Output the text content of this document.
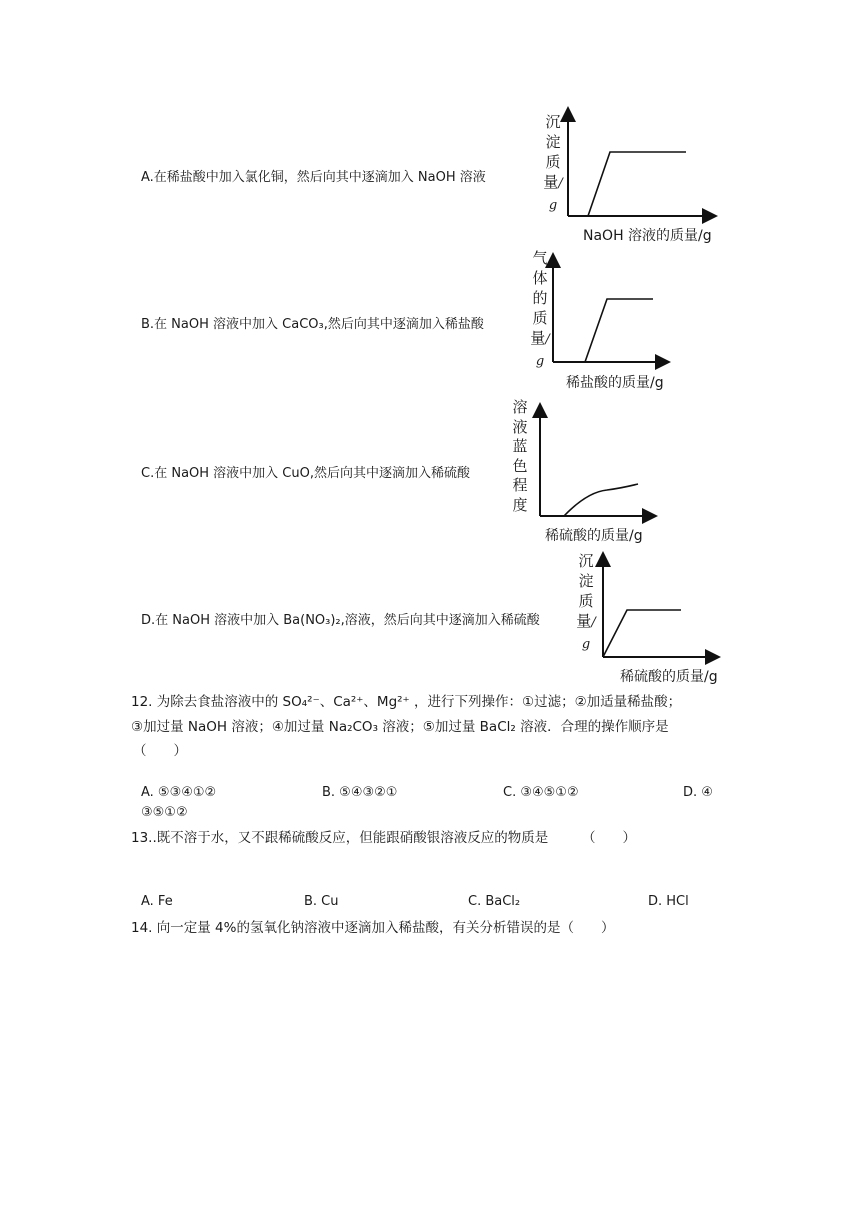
A.在稀盐酸中加入氯化铜，然后向其中逐滴加入 NaOH 溶液
沉淀质量/g
NaOH 溶液的质量/g
B.在 NaOH 溶液中加入 CaCO₃,然后向其中逐滴加入稀盐酸
气体的质量/g
稀盐酸的质量/g
C.在 NaOH 溶液中加入 CuO,然后向其中逐滴加入稀硫酸
溶液蓝色程度
稀硫酸的质量/g
D.在 NaOH 溶液中加入 Ba(NO₃)₂,溶液，然后向其中逐滴加入稀硫酸
沉淀质量/g
稀硫酸的质量/g
12. 为除去食盐溶液中的 SO₄²⁻、Ca²⁺、Mg²⁺ ，进行下列操作：①过滤；②加适量稀盐酸；
③加过量 NaOH 溶液；④加过量 Na₂CO₃ 溶液；⑤加过量 BaCl₂ 溶液．合理的操作顺序是
（　　）
A. ⑤③④①②	B. ⑤④③②①	C. ③④⑤①②	D. ④
③⑤①②
13..既不溶于水，又不跟稀硫酸反应，但能跟硝酸银溶液反应的物质是　　　（　　）
A. Fe	B. Cu	C. BaCl₂	D. HCl
14. 向一定量 4%的氢氧化钠溶液中逐滴加入稀盐酸，有关分析错误的是（　　）
